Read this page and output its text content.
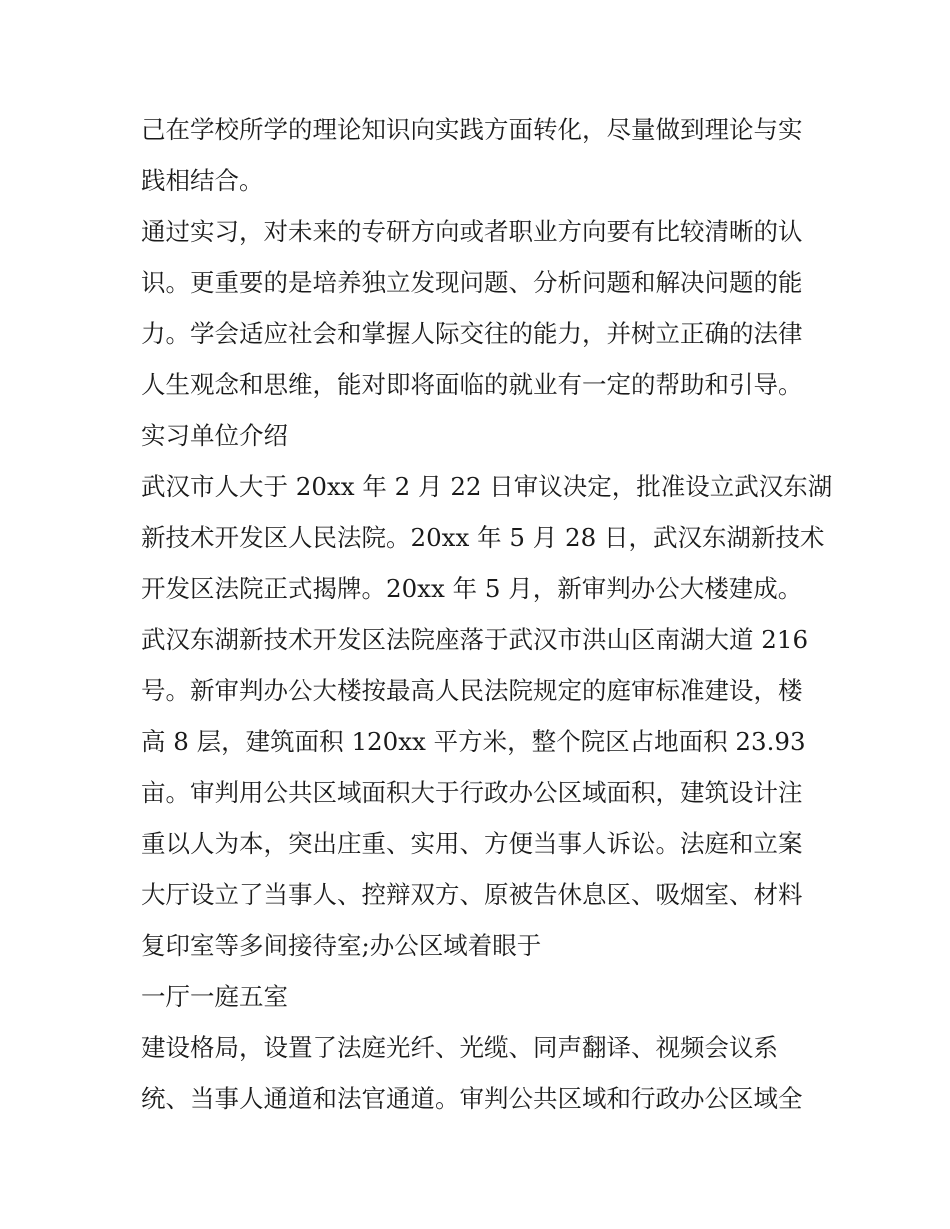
己在学校所学的理论知识向实践方面转化，尽量做到理论与实
践相结合。
通过实习，对未来的专研方向或者职业方向要有比较清晰的认
识。更重要的是培养独立发现问题、分析问题和解决问题的能
力。学会适应社会和掌握人际交往的能力，并树立正确的法律
人生观念和思维，能对即将面临的就业有一定的帮助和引导。
实习单位介绍
武汉市人大于 20xx 年 2 月 22 日审议决定，批准设立武汉东湖
新技术开发区人民法院。20xx 年 5 月 28 日，武汉东湖新技术
开发区法院正式揭牌。20xx 年 5 月，新审判办公大楼建成。
武汉东湖新技术开发区法院座落于武汉市洪山区南湖大道 216
号。新审判办公大楼按最高人民法院规定的庭审标准建设，楼
高 8 层，建筑面积 120xx 平方米，整个院区占地面积 23.93
亩。审判用公共区域面积大于行政办公区域面积，建筑设计注
重以人为本，突出庄重、实用、方便当事人诉讼。法庭和立案
大厅设立了当事人、控辩双方、原被告休息区、吸烟室、材料
复印室等多间接待室;办公区域着眼于
一厅一庭五室
建设格局，设置了法庭光纤、光缆、同声翻译、视频会议系
统、当事人通道和法官通道。审判公共区域和行政办公区域全
